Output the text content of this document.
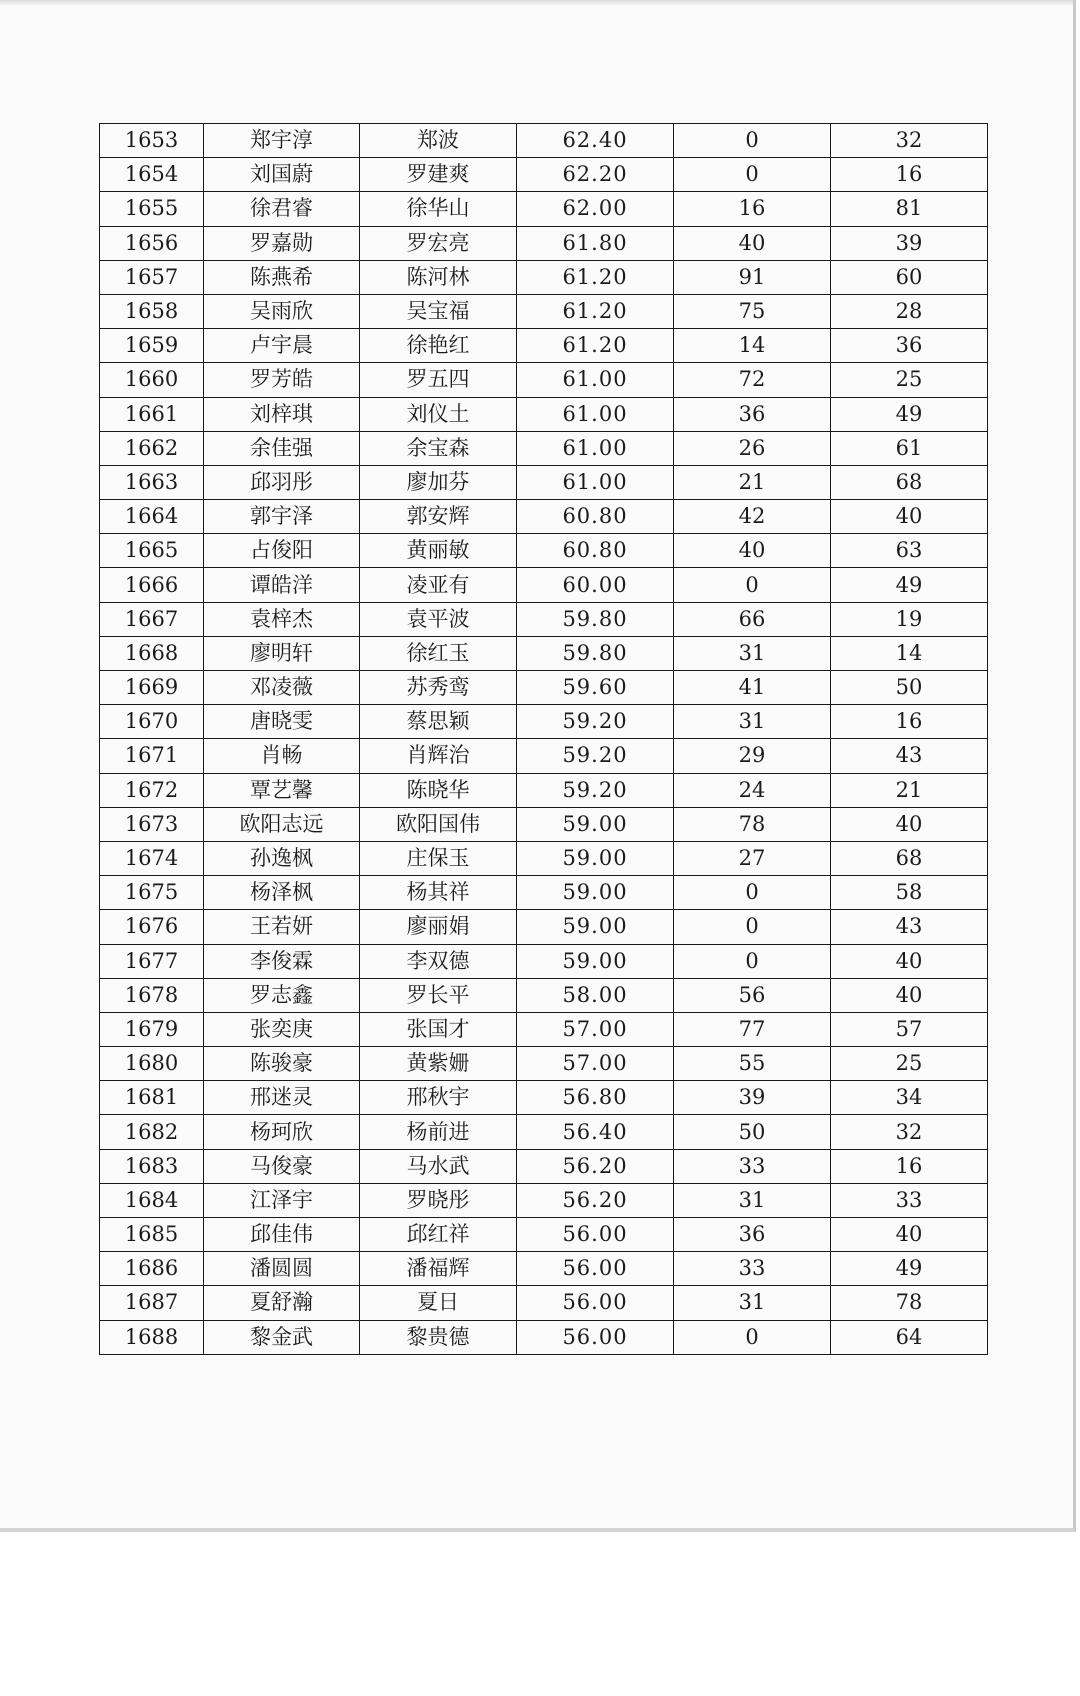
1653	郑宇淳	郑波	62.40	0	32
1654	刘国蔚	罗建爽	62.20	0	16
1655	徐君睿	徐华山	62.00	16	81
1656	罗嘉勋	罗宏亮	61.80	40	39
1657	陈燕希	陈河林	61.20	91	60
1658	吴雨欣	吴宝福	61.20	75	28
1659	卢宇晨	徐艳红	61.20	14	36
1660	罗芳皓	罗五四	61.00	72	25
1661	刘梓琪	刘仪土	61.00	36	49
1662	余佳强	余宝森	61.00	26	61
1663	邱羽彤	廖加芬	61.00	21	68
1664	郭宇泽	郭安辉	60.80	42	40
1665	占俊阳	黄丽敏	60.80	40	63
1666	谭皓洋	凌亚有	60.00	0	49
1667	袁梓杰	袁平波	59.80	66	19
1668	廖明轩	徐红玉	59.80	31	14
1669	邓凌薇	苏秀鸾	59.60	41	50
1670	唐晓雯	蔡思颖	59.20	31	16
1671	肖畅	肖辉治	59.20	29	43
1672	覃艺馨	陈晓华	59.20	24	21
1673	欧阳志远	欧阳国伟	59.00	78	40
1674	孙逸枫	庄保玉	59.00	27	68
1675	杨泽枫	杨其祥	59.00	0	58
1676	王若妍	廖丽娟	59.00	0	43
1677	李俊霖	李双德	59.00	0	40
1678	罗志鑫	罗长平	58.00	56	40
1679	张奕庚	张国才	57.00	77	57
1680	陈骏豪	黄紫姗	57.00	55	25
1681	邢迷灵	邢秋宇	56.80	39	34
1682	杨珂欣	杨前进	56.40	50	32
1683	马俊豪	马水武	56.20	33	16
1684	江泽宇	罗晓彤	56.20	31	33
1685	邱佳伟	邱红祥	56.00	36	40
1686	潘圆圆	潘福辉	56.00	33	49
1687	夏舒瀚	夏日	56.00	31	78
1688	黎金武	黎贵德	56.00	0	64
